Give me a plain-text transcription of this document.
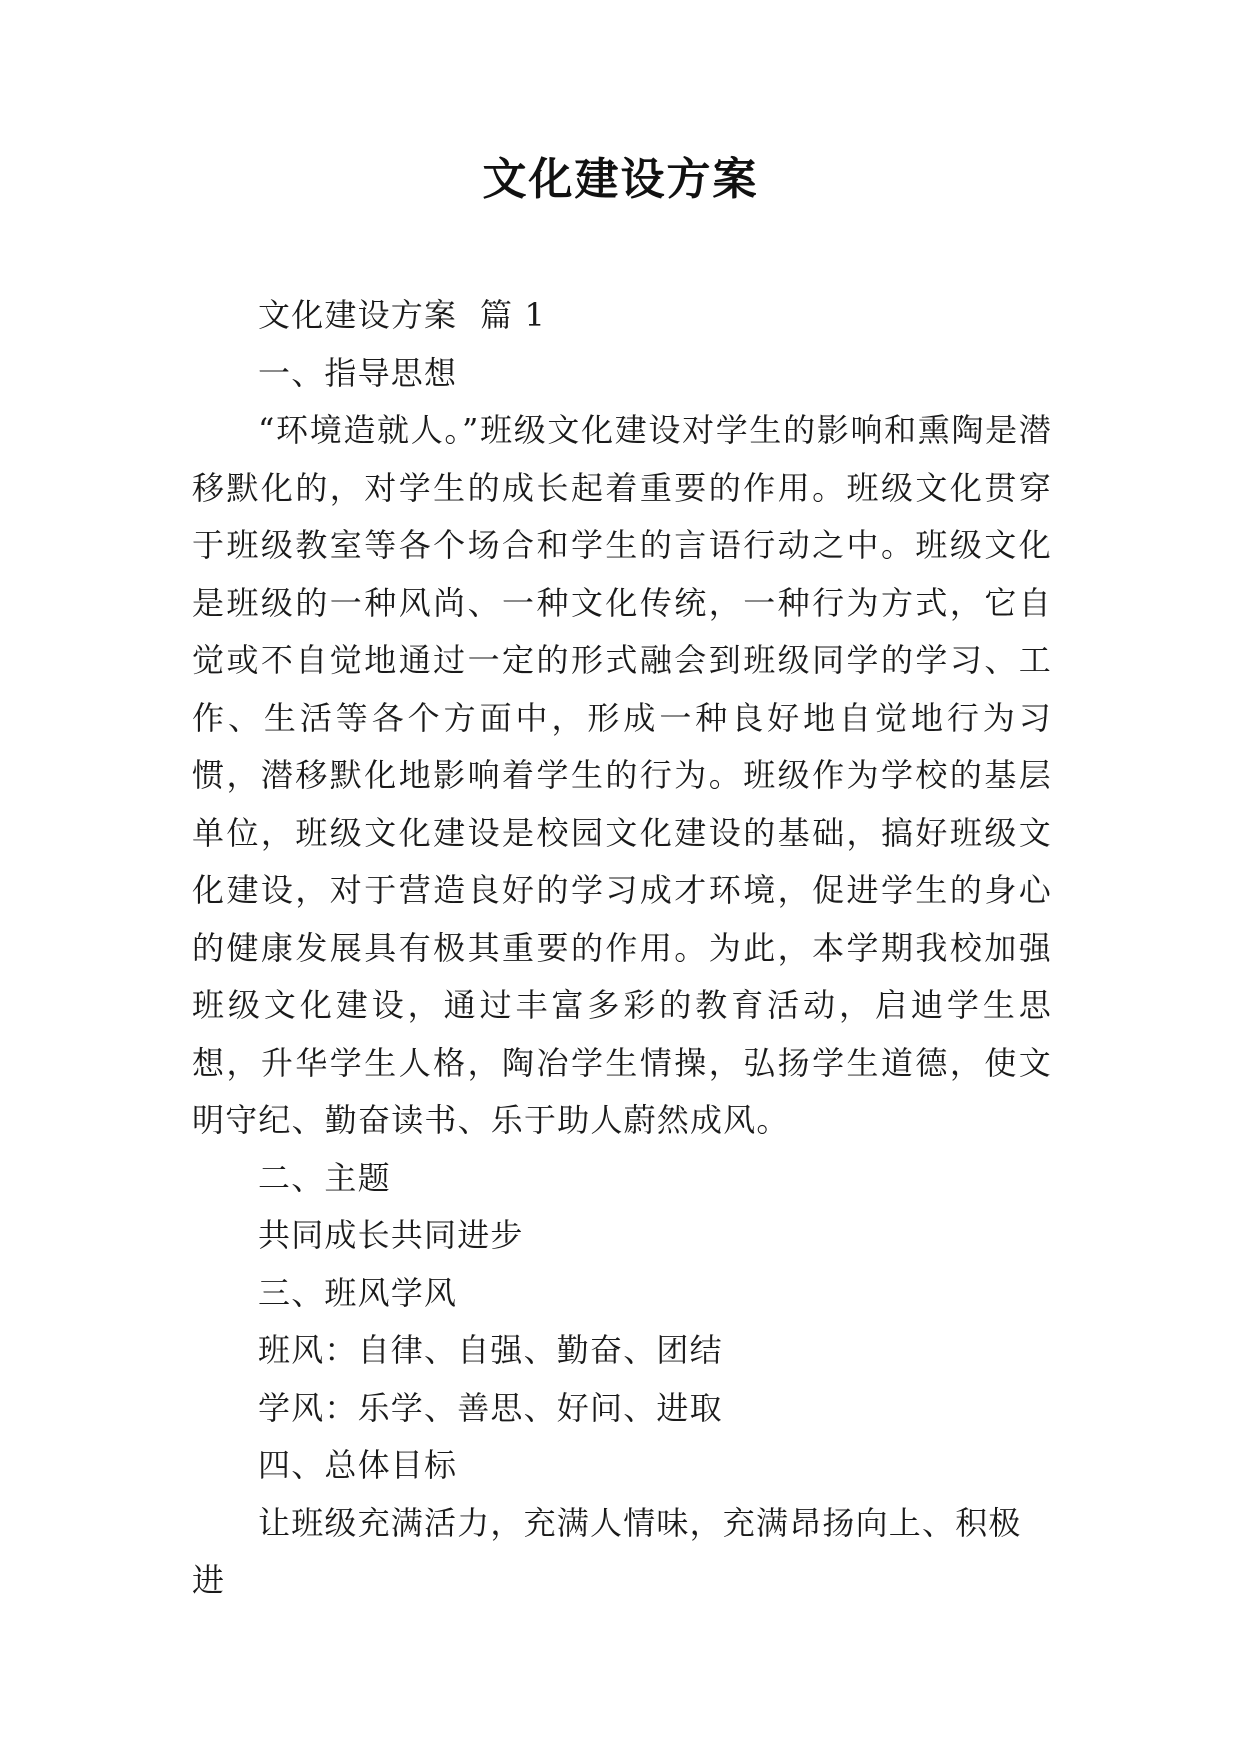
文化建设方案

文化建设方案  篇 1

一、指导思想

“环境造就人。”班级文化建设对学生的影响和熏陶是潜移默化的，对学生的成长起着重要的作用。班级文化贯穿于班级教室等各个场合和学生的言语行动之中。班级文化是班级的一种风尚、一种文化传统，一种行为方式，它自觉或不自觉地通过一定的形式融会到班级同学的学习、工作、生活等各个方面中，形成一种良好地自觉地行为习惯，潜移默化地影响着学生的行为。班级作为学校的基层单位，班级文化建设是校园文化建设的基础，搞好班级文化建设，对于营造良好的学习成才环境，促进学生的身心的健康发展具有极其重要的作用。为此，本学期我校加强班级文化建设，通过丰富多彩的教育活动，启迪学生思想，升华学生人格，陶冶学生情操，弘扬学生道德，使文明守纪、勤奋读书、乐于助人蔚然成风。

二、主题

共同成长共同进步

三、班风学风

班风：自律、自强、勤奋、团结

学风：乐学、善思、好问、进取

四、总体目标

让班级充满活力，充满人情味，充满昂扬向上、积极进
